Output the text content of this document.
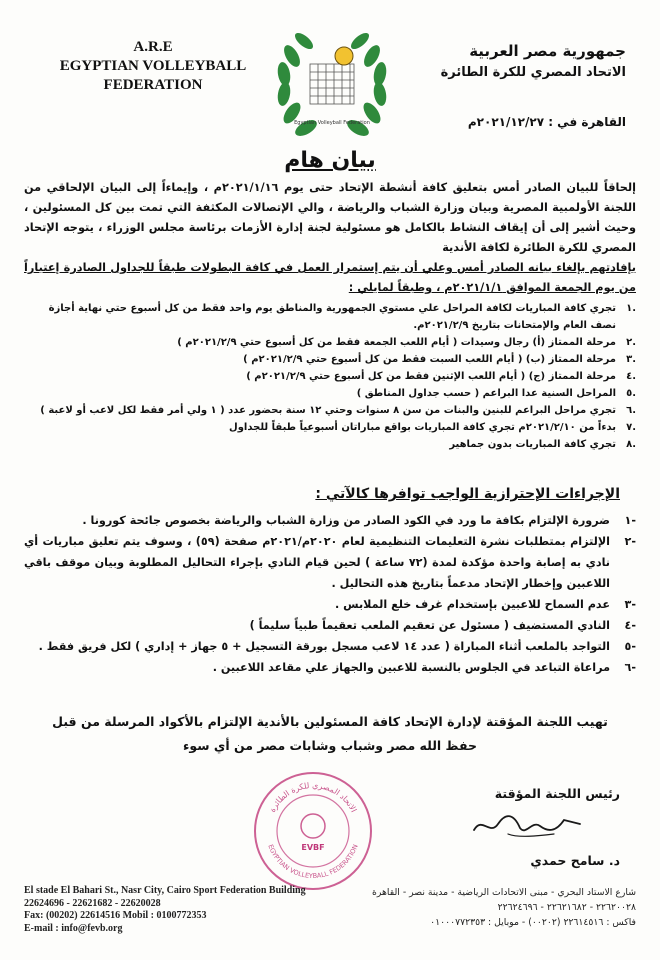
A.R.E
EGYPTIAN VOLLEYBALL
FEDERATION
Egyptian Volleyball Federation
جمهورية مصر العربية
الاتحاد المصري للكرة الطائرة
القاهرة في : ٢٠٢١/١٢/٢٧م
بيان هام

إلحاقاً للبيان الصادر أمس بتعليق كافة أنشطة الإتحاد حتى يوم ٢٠٢١/١/١٦م ، وإيماءاً إلى البيان الإلحاقي من اللجنة الأولمبية المصرية وبيان وزارة الشباب والرياضة ، والي الإتصالات المكثفة التي تمت بين كل المسئولين ، وحيث أشير إلى أن إيقاف النشاط بالكامل هو مسئولية لجنة إدارة الأزمات برئاسة مجلس الوزراء ، يتوجه الإتحاد المصري للكرة الطائرة لكافة الأندية

بإفادتهم بإلغاء بيانه الصادر أمس وعلي أن يتم إستمرار العمل في كافة البطولات طبقاً للجداول الصادرة إعتباراً من يوم الجمعة الموافق ٢٠٢١/١/١م ، وطبقاً لمايلي :

.١
تجري كافة المباريات لكافة المراحل علي مستوي الجمهورية والمناطق يوم واحد فقط من كل أسبوع حتي نهاية أجازة نصف العام والإمتحانات بتاريخ ٢٠٢١/٢/٩م.
.٢
مرحلة الممتاز (أ) رجال وسيدات ( أيام اللعب الجمعة فقط من كل أسبوع حتي ٢٠٢١/٢/٩م )
.٣
مرحلة الممتاز (ب) ( أيام اللعب السبت فقط من كل أسبوع حتي ٢٠٢١/٢/٩م )
.٤
مرحلة الممتاز (ج) ( أيام اللعب الإثنين فقط من كل أسبوع حتي ٢٠٢١/٢/٩م )
.٥
المراحل السنية عدا البراعم ( حسب جداول المناطق )
.٦
تجري مراحل البراعم للبنين والبنات من سن ٨ سنوات وحتي ١٢ سنة بحضور عدد ( ١ ولي أمر فقط لكل لاعب أو لاعبة )
.٧
بدءاً من ٢٠٢١/٢/١٠م تجري كافة المباريات بواقع مباراتان أسبوعياً طبقاً للجداول
.٨
تجري كافة المباريات بدون جماهير
الإجراءات الإحترازية الواجب توافرها كالآتي :
-١
ضرورة الإلتزام بكافة ما ورد في الكود الصادر من وزارة الشباب والرياضة بخصوص جائحة كورونا .
-٢
الإلتزام بمتطلبات نشرة التعليمات التنظيمية لعام ٢٠٢٠م/٢٠٢١م صفحة (٥٩) ، وسوف يتم تعليق مباريات أي نادي به إصابة واحدة مؤكدة لمدة (٧٢ ساعة ) لحين قيام النادي بإجراء التحاليل المطلوبة وبيان موقف باقي اللاعبين وإخطار الإتحاد مدعماً بتاريخ هذه التحاليل .
-٣
عدم السماح للاعبين بإستخدام غرف خلع الملابس .
-٤
النادي المستضيف ( مسئول عن تعقيم الملعب تعقيماً طبياً سليماً )
-٥
التواجد بالملعب أثناء المباراة ( عدد ١٤ لاعب مسجل بورقة التسجيل + ٥ جهاز + إداري ) لكل فريق فقط .
-٦
مراعاة التباعد في الجلوس بالنسبة للاعبين والجهاز علي مقاعد اللاعبين .
تهيب اللجنة المؤقتة لإدارة الإتحاد كافة المسئولين بالأندية الإلتزام بالأكواد المرسلة من قبل
حفظ الله مصر وشباب وشابات مصر من أي سوء
الاتحاد المصري للكرة الطائرة
EGYPTIAN VOLLEYBALL FEDERATION
EVBF
رئيس اللجنة المؤقتة
د. سامح حمدي
El stade El Bahari St., Nasr City, Cairo Sport Federation Building
22624696 - 22621682 - 22620028
Fax: (00202) 22614516 Mobil : 0100772353
E-mail : info@fevb.org
شارع الاستاد البحري - مبنى الاتحادات الرياضية - مدينة نصر - القاهرة
٢٢٦٢٠٠٢٨ - ٢٢٦٢١٦٨٢ - ٢٢٦٢٤٦٩٦
فاكس : ٢٢٦١٤٥١٦ (٠٠٢٠٢) - موبايل : ٠١٠٠٠٧٧٢٣٥٣
